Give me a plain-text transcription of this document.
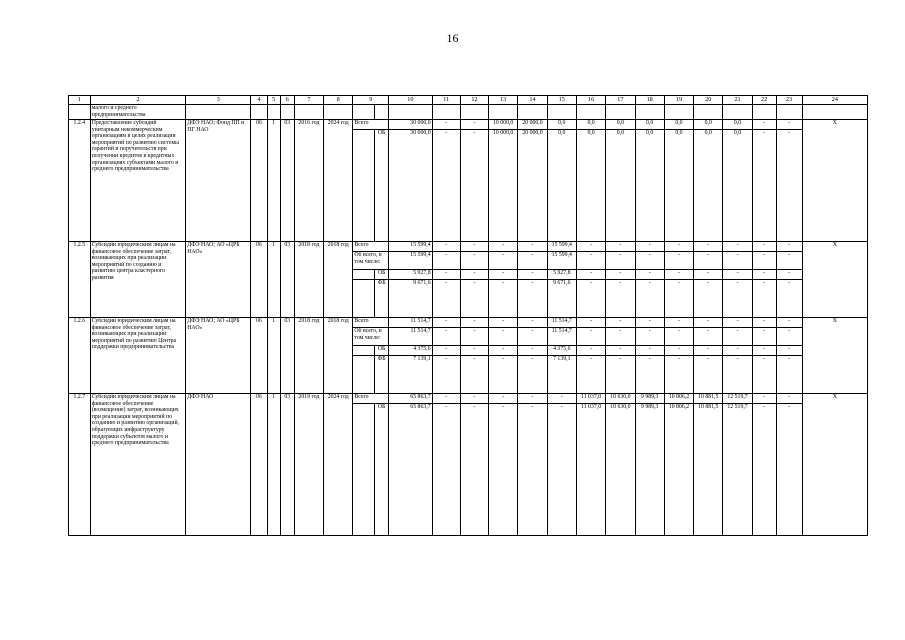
16
1	2	3	4	5	6	7	8	9		10	11	12	13	14	15	16	17	18	19	20	21	22	23	24
	малого и среднего предпринимательства																							
1.2.4	Предоставление субсидий унитарным некоммерческим организациям в целях реализации мероприятий по развитию системы гарантий и поручительств при получении кредитов в кредитных организациях субъектами малого и среднего предпринимательства	ДФЭ НАО; Фонд ПП и ПГ НАО	06	1	03	2016 год	2024 год	Всего		30 000,0	-	-	10 000,0	20 000,0	0,0	0,0	0,0	0,0	0,0	0,0	0,0	-	-	X
									ОБ	30 000,0	-	-	10 000,0	20 000,0	0,0	0,0	0,0	0,0	0,0	0,0	0,0	-	-	
1.2.5	Субсидии юридическим лицам на финансовое обеспечение затрат, возникающих при реализации мероприятий по созданию и развитию центра кластерного развития	ДФЭ НАО; АО «ЦРБ НАО»	06	1	03	2018 год	2018 год	Всего		15 599,4	-	-	-	-	15 599,4	-	-	-	-	-	-	-	-	X
								Об всего, в том числе:		15 599,4	-	-	-	-	15 599,4	-	-	-	-	-	-	-	-	
									ОБ	5 927,8	-	-	-	-	5 927,8	-	-	-	-	-	-	-	-	
									ФБ	9 671,6	-	-	-	-	9 671,6	-	-	-	-	-	-	-	-	
1.2.6	Субсидии юридическим лицам на финансовое обеспечение затрат, возникающих при реализации мероприятий по развитию Центра поддержки предпринимательства	ДФЭ НАО; АО «ЦРБ НАО»	06	1	03	2018 год	2018 год	Всего		11 514,7	-	-	-	-	11 514,7	-	-	-	-	-	-	-	-	X
								Об всего, в том числе:		11 514,7	-	-	-	-	11 514,7	-	-	-	-	-	-	-	-	
									ОБ	4 375,6	-	-	-	-	4 375,6	-	-	-	-	-	-	-	-	
									ФБ	7 139,1	-	-	-	-	7 139,1	-	-	-	-	-	-	-	-	
1.2.7	Субсидии юридическим лицам на финансовое обеспечение (возмещение) затрат, возникающих при реализации мероприятий по созданию и развитию организаций, образующих инфраструктуру поддержки субъектов малого и среднего предпринимательства	ДФЭ НАО	06	1	03	2019 год	2024 год	Всего		65 863,7	-	-	-	-	-	11 037,0	10 630,0	9 989,3	10 806,2	10 881,5	12 519,7	-	-	X
									ОБ	65 863,7	-	-	-	-	-	11 037,0	10 630,0	9 989,3	10 806,2	10 881,5	12 519,7	-	-	
